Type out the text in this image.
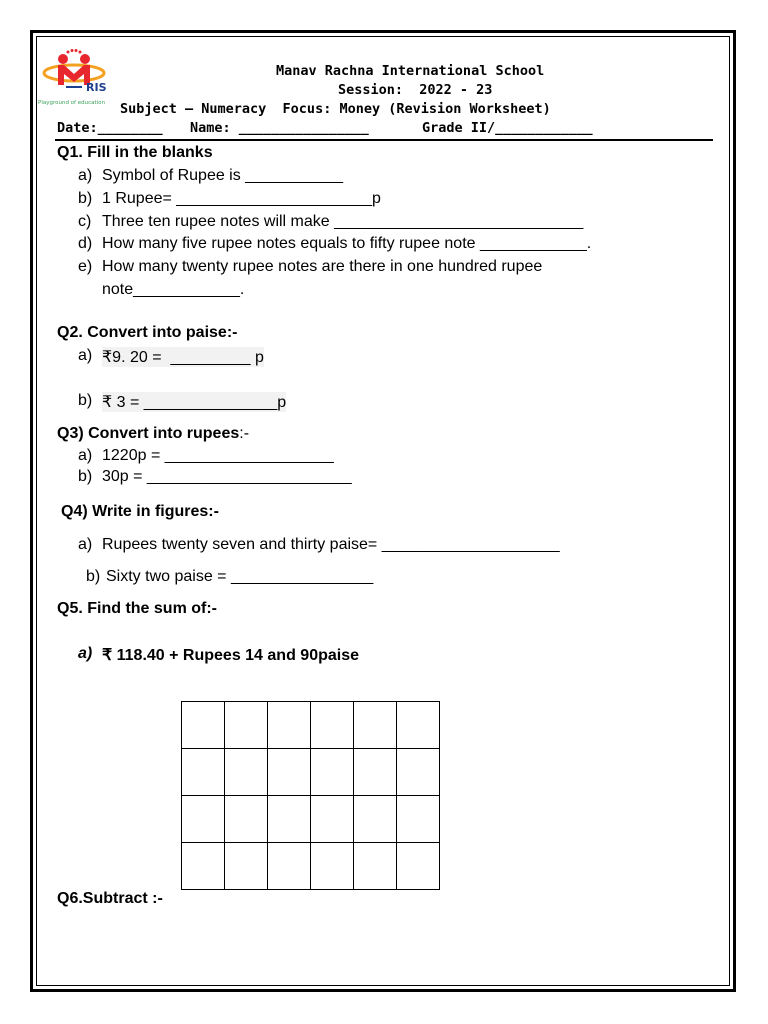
RIS
Playground of education
Manav Rachna International School
Session:  2022 - 23
Subject – Numeracy  Focus: Money (Revision Worksheet)
Date:________ Name: ________________	Grade II/____________
Q1. Fill in the blanks
a) Symbol of Rupee is ___________
b) 1 Rupee= ______________________p
c) Three ten rupee notes will make ____________________________
d) How many five rupee notes equals to fifty rupee note ____________.
e) How many twenty rupee notes are there in one hundred rupee
note____________.
Q2. Convert into paise:-
a) ₹9. 20 =  _________ p
b) ₹ 3 = _______________p
Q3) Convert into rupees:-
a) 1220p = ___________________
b) 30p = _______________________
Q4) Write in figures:-
a) Rupees twenty seven and thirty paise= ____________________
b) Sixty two paise = ________________
Q5. Find the sum of:-
a) ₹ 118.40 + Rupees 14 and 90paise

Q6.Subtract :-
